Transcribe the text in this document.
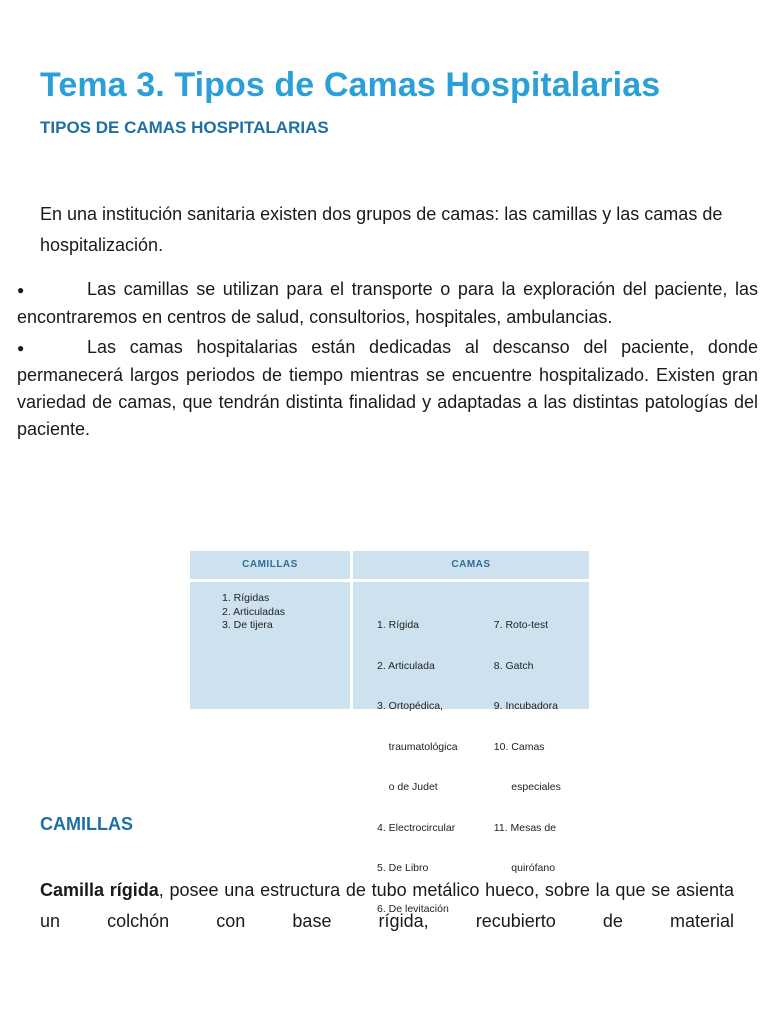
Tema 3. Tipos de Camas Hospitalarias
TIPOS DE CAMAS HOSPITALARIAS

En una institución sanitaria existen dos grupos de camas: las camillas y las camas de hospitalización.

●	Las camillas se utilizan para el transporte o para la exploración del paciente, las encontraremos en centros de salud, consultorios, hospitales, ambulancias.
●	Las camas hospitalarias están dedicadas al descanso del paciente, donde permanecerá largos periodos de tiempo mientras se encuentre hospitalizado. Existen gran variedad de camas, que tendrán distinta finalidad y adaptadas a las distintas patologías del paciente.
CAMILLAS
1. Rígidas
2. Articuladas
3. De tijera
CAMAS

1. Rígida

2. Articulada

3. Ortopédica,

traumatológica

o de Judet

4. Electrocircular

5. De Libro

6. De levitación

7. Roto-test

8. Gatch

9. Incubadora

10. Camas

especiales

11. Mesas de

quirófano

CAMILLAS

Camilla rígida, posee una estructura de tubo metálico hueco, sobre la que se asienta un colchón con base rígida, recubierto de material
